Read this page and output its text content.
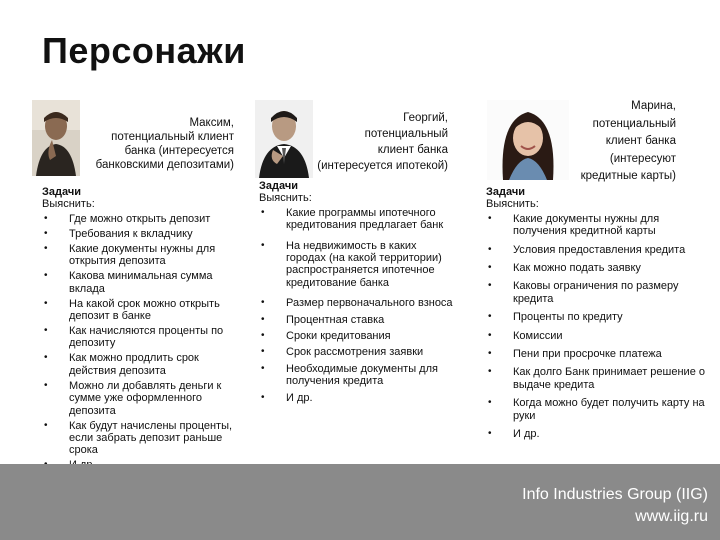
Персонажи
Максим,
потенциальный клиент
банка (интересуется
банковскими депозитами)
Георгий,
потенциальный
клиент банка
(интересуется ипотекой)
Марина,
потенциальный
клиент банка
(интересуют
кредитные карты)
Задачи
Выяснить:
• Где можно открыть депозит
• Требования к вкладчику
• Какие документы нужны для открытия депозита
• Какова минимальная сумма вклада
• На какой срок можно открыть депозит в банке
• Как начисляются проценты по депозиту
• Как можно продлить срок действия депозита
• Можно ли добавлять деньги к сумме уже оформленного депозита
• Как будут начислены проценты, если забрать депозит раньше срока
Задачи
Выяснить:
• Какие программы ипотечного кредитования предлагает банк
• На недвижимость в каких городах (на какой территории) распространяется ипотечное кредитование банка
• Размер первоначального взноса
• Процентная ставка
• Сроки кредитования
• Срок рассмотрения заявки
• Необходимые документы для получения кредита
• И др.
Задачи
Выяснить:
• Какие документы нужны для получения кредитной карты
• Условия предоставления кредита
• Как можно подать заявку
• Каковы ограничения по размеру кредита
• Проценты по кредиту
• Комиссии
• Пени при просрочке платежа
• Как долго Банк принимает решение о выдаче кредита
• Когда можно будет получить карту на руки
• И др.
Info Industries Group (IIG)
www.iig.ru
